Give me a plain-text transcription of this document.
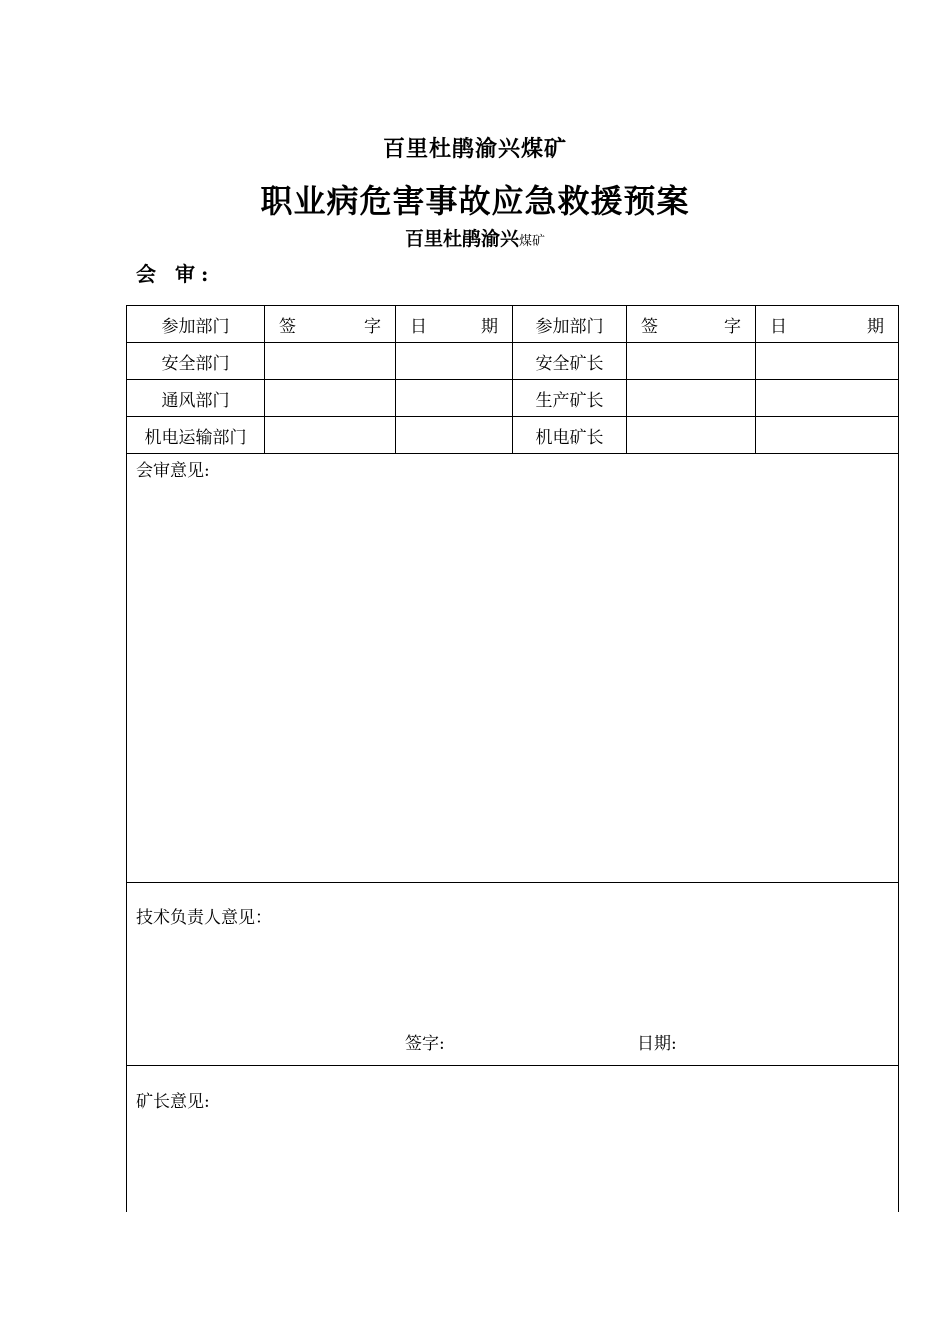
百里杜鹃渝兴煤矿
职业病危害事故应急救援预案
百里杜鹃渝兴煤矿
会 审:
参加部门	签 字	日 期	参加部门	签 字	日 期

安全部门			安全矿长		
通风部门			生产矿长		
机电运输部门			机电矿长		
会审意见:
技术负责人意见：
签字:	日期:
矿长意见:
